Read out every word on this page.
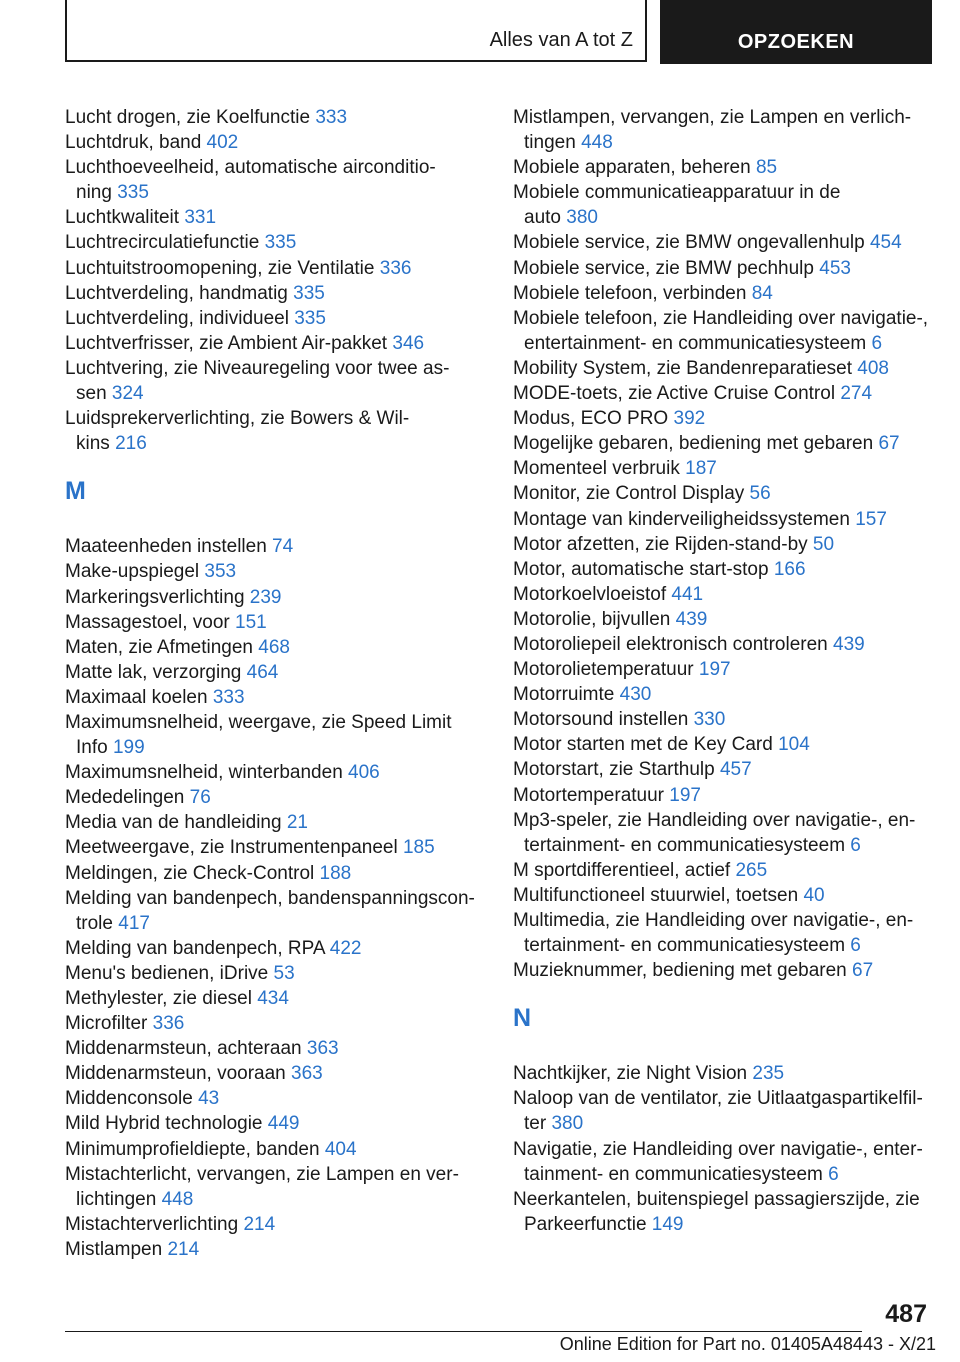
Alles van A tot Z	OPZOEKEN
Lucht drogen, zie Koelfunctie 333
Luchtdruk, band 402
Luchthoeveelheid, automatische airconditio-
ning 335
Luchtkwaliteit 331
Luchtrecirculatiefunctie 335
Luchtuitstroomopening, zie Ventilatie 336
Luchtverdeling, handmatig 335
Luchtverdeling, individueel 335
Luchtverfrisser, zie Ambient Air-pakket 346
Luchtvering, zie Niveauregeling voor twee as-
sen 324
Luidsprekerverlichting, zie Bowers & Wil-
kins 216
M
Maateenheden instellen 74
Make-upspiegel 353
Markeringsverlichting 239
Massagestoel, voor 151
Maten, zie Afmetingen 468
Matte lak, verzorging 464
Maximaal koelen 333
Maximumsnelheid, weergave, zie Speed Limit
Info 199
Maximumsnelheid, winterbanden 406
Mededelingen 76
Media van de handleiding 21
Meetweergave, zie Instrumentenpaneel 185
Meldingen, zie Check-Control 188
Melding van bandenpech, bandenspanningscon-
trole 417
Melding van bandenpech, RPA 422
Menu's bedienen, iDrive 53
Methylester, zie diesel 434
Microfilter 336
Middenarmsteun, achteraan 363
Middenarmsteun, vooraan 363
Middenconsole 43
Mild Hybrid technologie 449
Minimumprofieldiepte, banden 404
Mistachterlicht, vervangen, zie Lampen en ver-
lichtingen 448
Mistachterverlichting 214
Mistlampen 214
Mistlampen, vervangen, zie Lampen en verlich-
tingen 448
Mobiele apparaten, beheren 85
Mobiele communicatieapparatuur in de
auto 380
Mobiele service, zie BMW ongevallenhulp 454
Mobiele service, zie BMW pechhulp 453
Mobiele telefoon, verbinden 84
Mobiele telefoon, zie Handleiding over navigatie-,
entertainment- en communicatiesysteem 6
Mobility System, zie Bandenreparatieset 408
MODE-toets, zie Active Cruise Control 274
Modus, ECO PRO 392
Mogelijke gebaren, bediening met gebaren 67
Momenteel verbruik 187
Monitor, zie Control Display 56
Montage van kinderveiligheidssystemen 157
Motor afzetten, zie Rijden-stand-by 50
Motor, automatische start-stop 166
Motorkoelvloeistof 441
Motorolie, bijvullen 439
Motoroliepeil elektronisch controleren 439
Motorolietemperatuur 197
Motorruimte 430
Motorsound instellen 330
Motor starten met de Key Card 104
Motorstart, zie Starthulp 457
Motortemperatuur 197
Mp3-speler, zie Handleiding over navigatie-, en-
tertainment- en communicatiesysteem 6
M sportdifferentieel, actief 265
Multifunctioneel stuurwiel, toetsen 40
Multimedia, zie Handleiding over navigatie-, en-
tertainment- en communicatiesysteem 6
Muzieknummer, bediening met gebaren 67
N
Nachtkijker, zie Night Vision 235
Naloop van de ventilator, zie Uitlaatgaspartikelfil-
ter 380
Navigatie, zie Handleiding over navigatie-, enter-
tainment- en communicatiesysteem 6
Neerkantelen, buitenspiegel passagierszijde, zie
Parkeerfunctie 149
487
Online Edition for Part no. 01405A48443 - X/21
